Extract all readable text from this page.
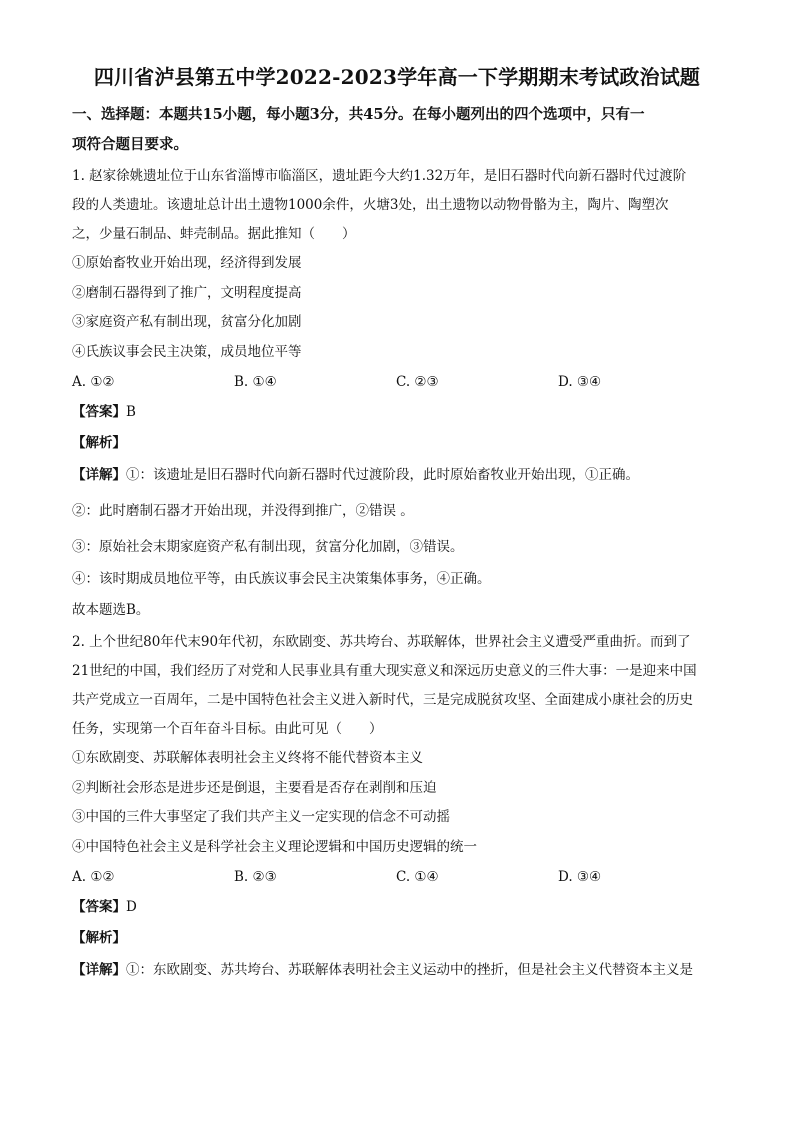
四川省泸县第五中学2022-2023学年高一下学期期末考试政治试题
一、选择题：本题共15小题，每小题3分，共45分。在每小题列出的四个选项中，只有一
项符合题目要求。

1. 赵家徐姚遗址位于山东省淄博市临淄区，遗址距今大约1.32万年，是旧石器时代向新石器时代过渡阶

段的人类遗址。该遗址总计出土遗物1000余件，火塘3处，出土遗物以动物骨骼为主，陶片、陶塑次

之，少量石制品、蚌壳制品。据此推知（　　）

①原始畜牧业开始出现，经济得到发展

②磨制石器得到了推广，文明程度提高

③家庭资产私有制出现，贫富分化加剧

④氏族议事会民主决策，成员地位平等

A. ①②	B. ①④	C. ②③	D. ③④

【答案】B

【解析】

【详解】①：该遗址是旧石器时代向新石器时代过渡阶段，此时原始畜牧业开始出现，①正确。

②：此时磨制石器才开始出现，并没得到推广，②错误 。

③：原始社会末期家庭资产私有制出现，贫富分化加剧，③错误。

④：该时期成员地位平等，由氏族议事会民主决策集体事务，④正确。

故本题选B。

2. 上个世纪80年代末90年代初，东欧剧变、苏共垮台、苏联解体，世界社会主义遭受严重曲折。而到了

21世纪的中国，我们经历了对党和人民事业具有重大现实意义和深远历史意义的三件大事：一是迎来中国

共产党成立一百周年，二是中国特色社会主义进入新时代，三是完成脱贫攻坚、全面建成小康社会的历史

任务，实现第一个百年奋斗目标。由此可见（　　）

①东欧剧变、苏联解体表明社会主义终将不能代替资本主义

②判断社会形态是进步还是倒退，主要看是否存在剥削和压迫

③中国的三件大事坚定了我们共产主义一定实现的信念不可动摇

④中国特色社会主义是科学社会主义理论逻辑和中国历史逻辑的统一

A. ①②	B. ②③	C. ①④	D. ③④

【答案】D

【解析】

【详解】①：东欧剧变、苏共垮台、苏联解体表明社会主义运动中的挫折，但是社会主义代替资本主义是
